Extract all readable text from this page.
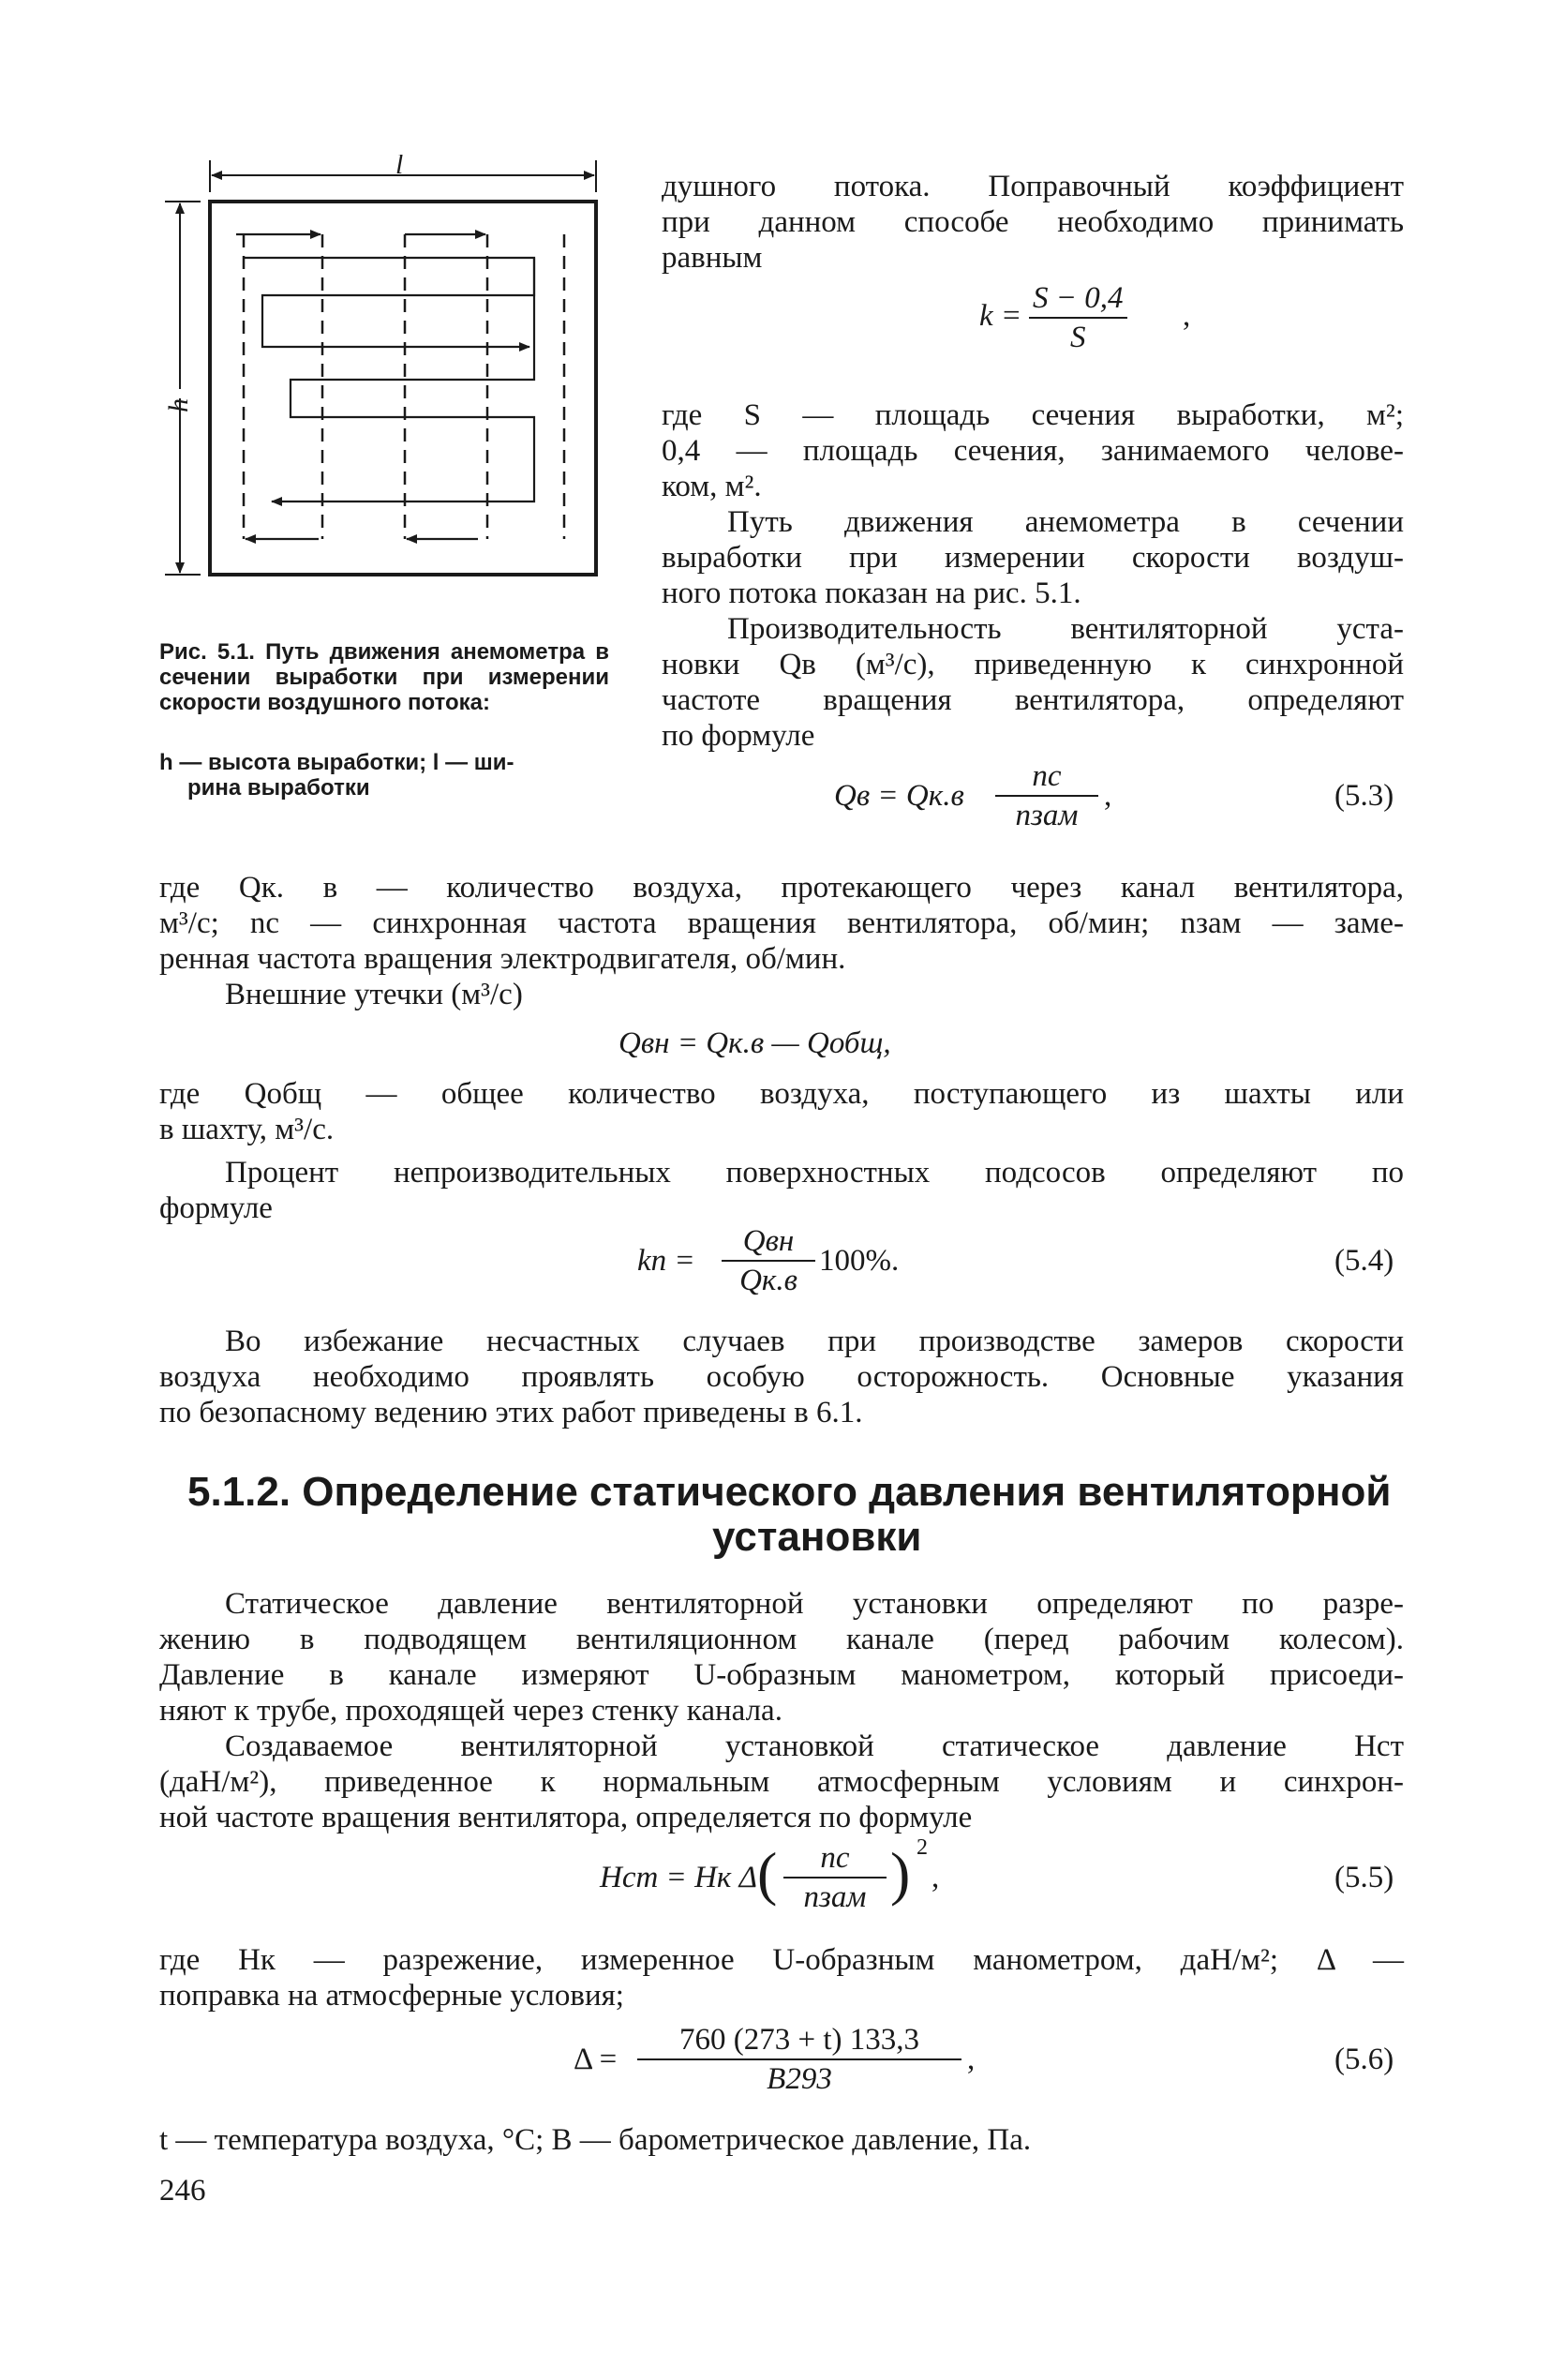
l
h
Рис. 5.1. Путь движения анемометра в сечении выработки при измерении скорости воздушного потока:
h — высота выработки; l — ши-
рина выработки
душного потока. Поправочный коэффициент
при данном способе необходимо принимать
равным
k =
S − 0,4
S
,
где S — площадь сечения выработки, м²;
0,4 — площадь сечения, занимаемого челове-
ком, м².
Путь движения анемометра в сечении
выработки при измерении скорости воздуш-
ного потока показан на рис. 5.1.
Производительность вентиляторной уста-
новки Qв (м³/с), приведенную к синхронной
частоте вращения вентилятора, определяют
по формуле
Qв = Qк.в
nс
nзам
,	(5.3)
где Qк. в — количество воздуха, протекающего через канал вентилятора,
м³/с; nс — синхронная частота вращения вентилятора, об/мин; nзам — заме-
ренная частота вращения электродвигателя, об/мин.
Внешние утечки (м³/с)
Qвн = Qк.в — Qобщ,
где Qобщ — общее количество воздуха, поступающего из шахты или
в шахту, м³/с.
Процент непроизводительных поверхностных подсосов определяют по
формуле
kп =
Qвн
Qк.в
100%.	(5.4)
Во избежание несчастных случаев при производстве замеров скорости
воздуха необходимо проявлять особую осторожность. Основные указания
по безопасному ведению этих работ приведены в 6.1.
5.1.2. Определение статического давления вентиляторной
установки
Статическое давление вентиляторной установки определяют по разре-
жению в подводящем вентиляционном канале (перед рабочим колесом).
Давление в канале измеряют U-образным манометром, который присоеди-
няют к трубе, проходящей через стенку канала.
Создаваемое вентиляторной установкой статическое давление Hст
(даН/м²), приведенное к нормальным атмосферным условиям и синхрон-
ной частоте вращения вентилятора, определяется по формуле
Hст = Hк Δ ( nс
nзам ) 2
,	(5.5)
где Hк — разрежение, измеренное U-образным манометром, даН/м²; Δ —
поправка на атмосферные условия;
Δ =
760 (273 + t) 133,3
B293
,	(5.6)
t — температура воздуха, °С; B — барометрическое давление, Па.
246
